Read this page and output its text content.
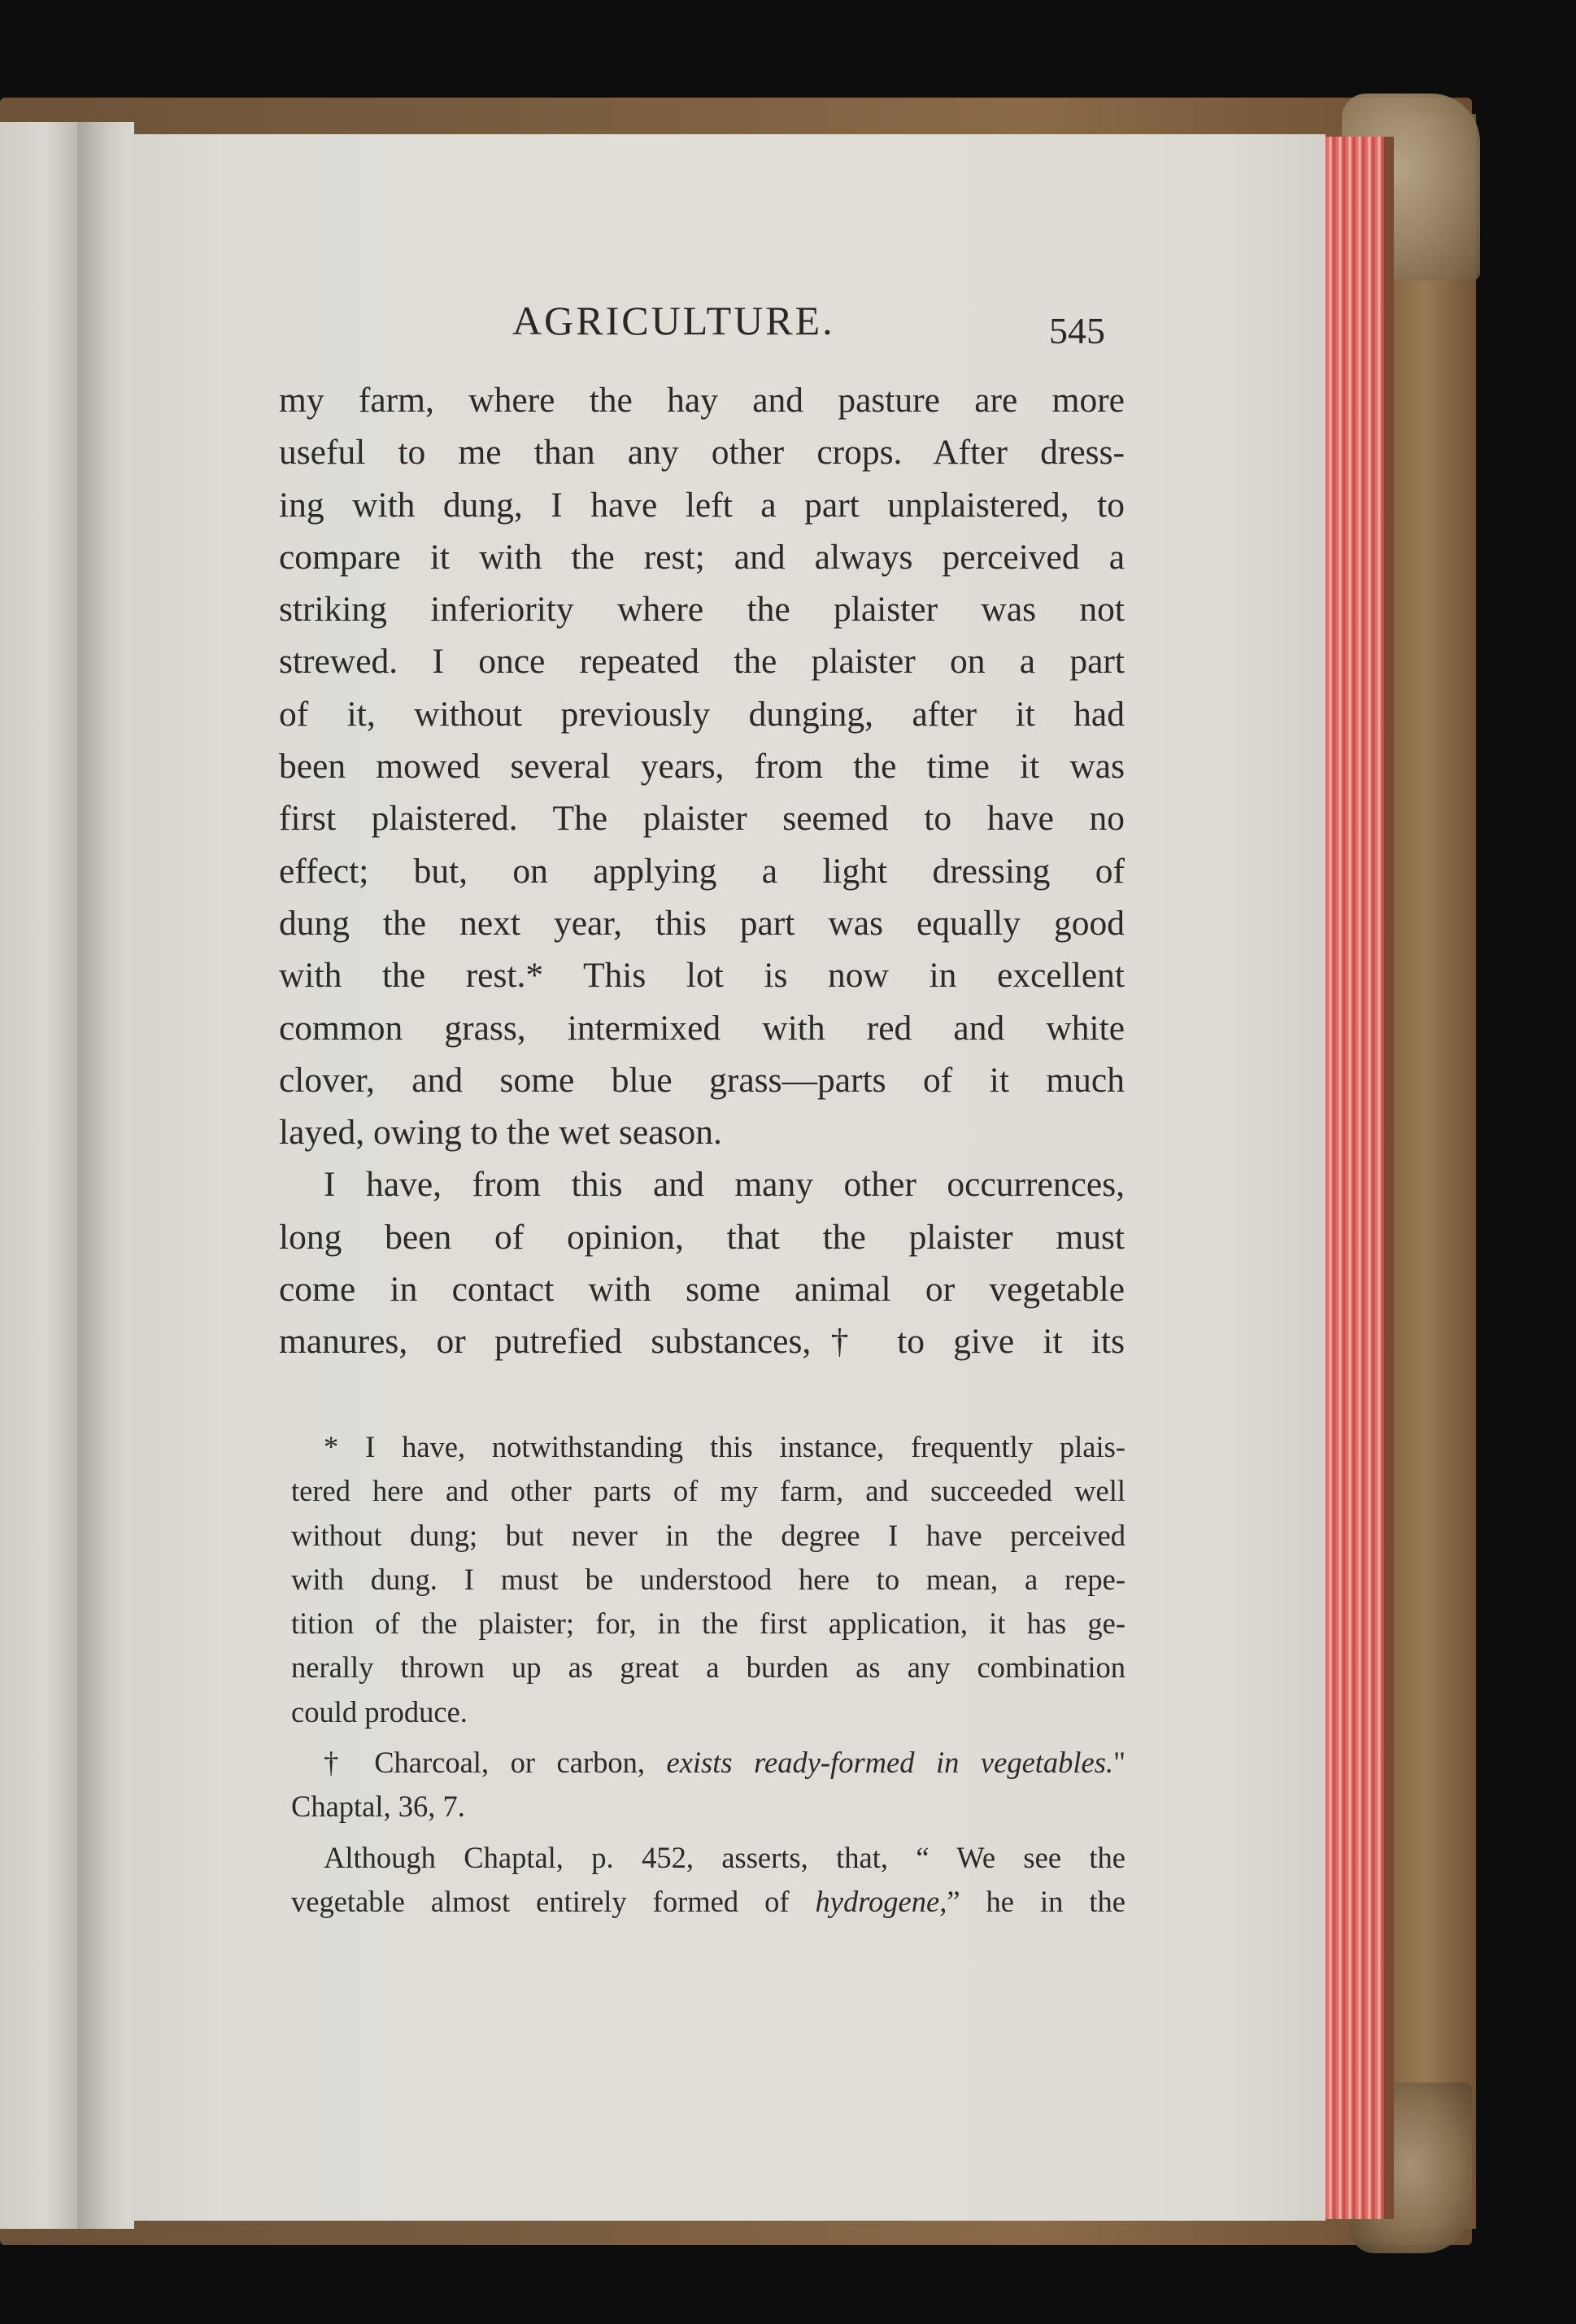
AGRICULTURE.	545
my farm, where the hay and pasture are more
useful to me than any other crops. After dress-
ing with dung, I have left a part unplaistered, to
compare it with the rest; and always perceived a
striking inferiority where the plaister was not
strewed. I once repeated the plaister on a part
of it, without previously dunging, after it had
been mowed several years, from the time it was
first plaistered. The plaister seemed to have no
effect; but, on applying a light dressing of
dung the next year, this part was equally good
with the rest.* This lot is now in excellent
common grass, intermixed with red and white
clover, and some blue grass—parts of it much
layed, owing to the wet season.
I have, from this and many other occurrences,
long been of opinion, that the plaister must
come in contact with some animal or vegetable
manures, or putrefied substances,† to give it its
* I have, notwithstanding this instance, frequently plais-
tered here and other parts of my farm, and succeeded well
without dung; but never in the degree I have perceived
with dung. I must be understood here to mean, a repe-
tition of the plaister; for, in the first application, it has ge-
nerally thrown up as great a burden as any combination
could produce.
† Charcoal, or carbon, exists ready-formed in vegetables."
Chaptal, 36, 7.
Although Chaptal, p. 452, asserts, that, “ We see the
vegetable almost entirely formed of hydrogene,” he in the
